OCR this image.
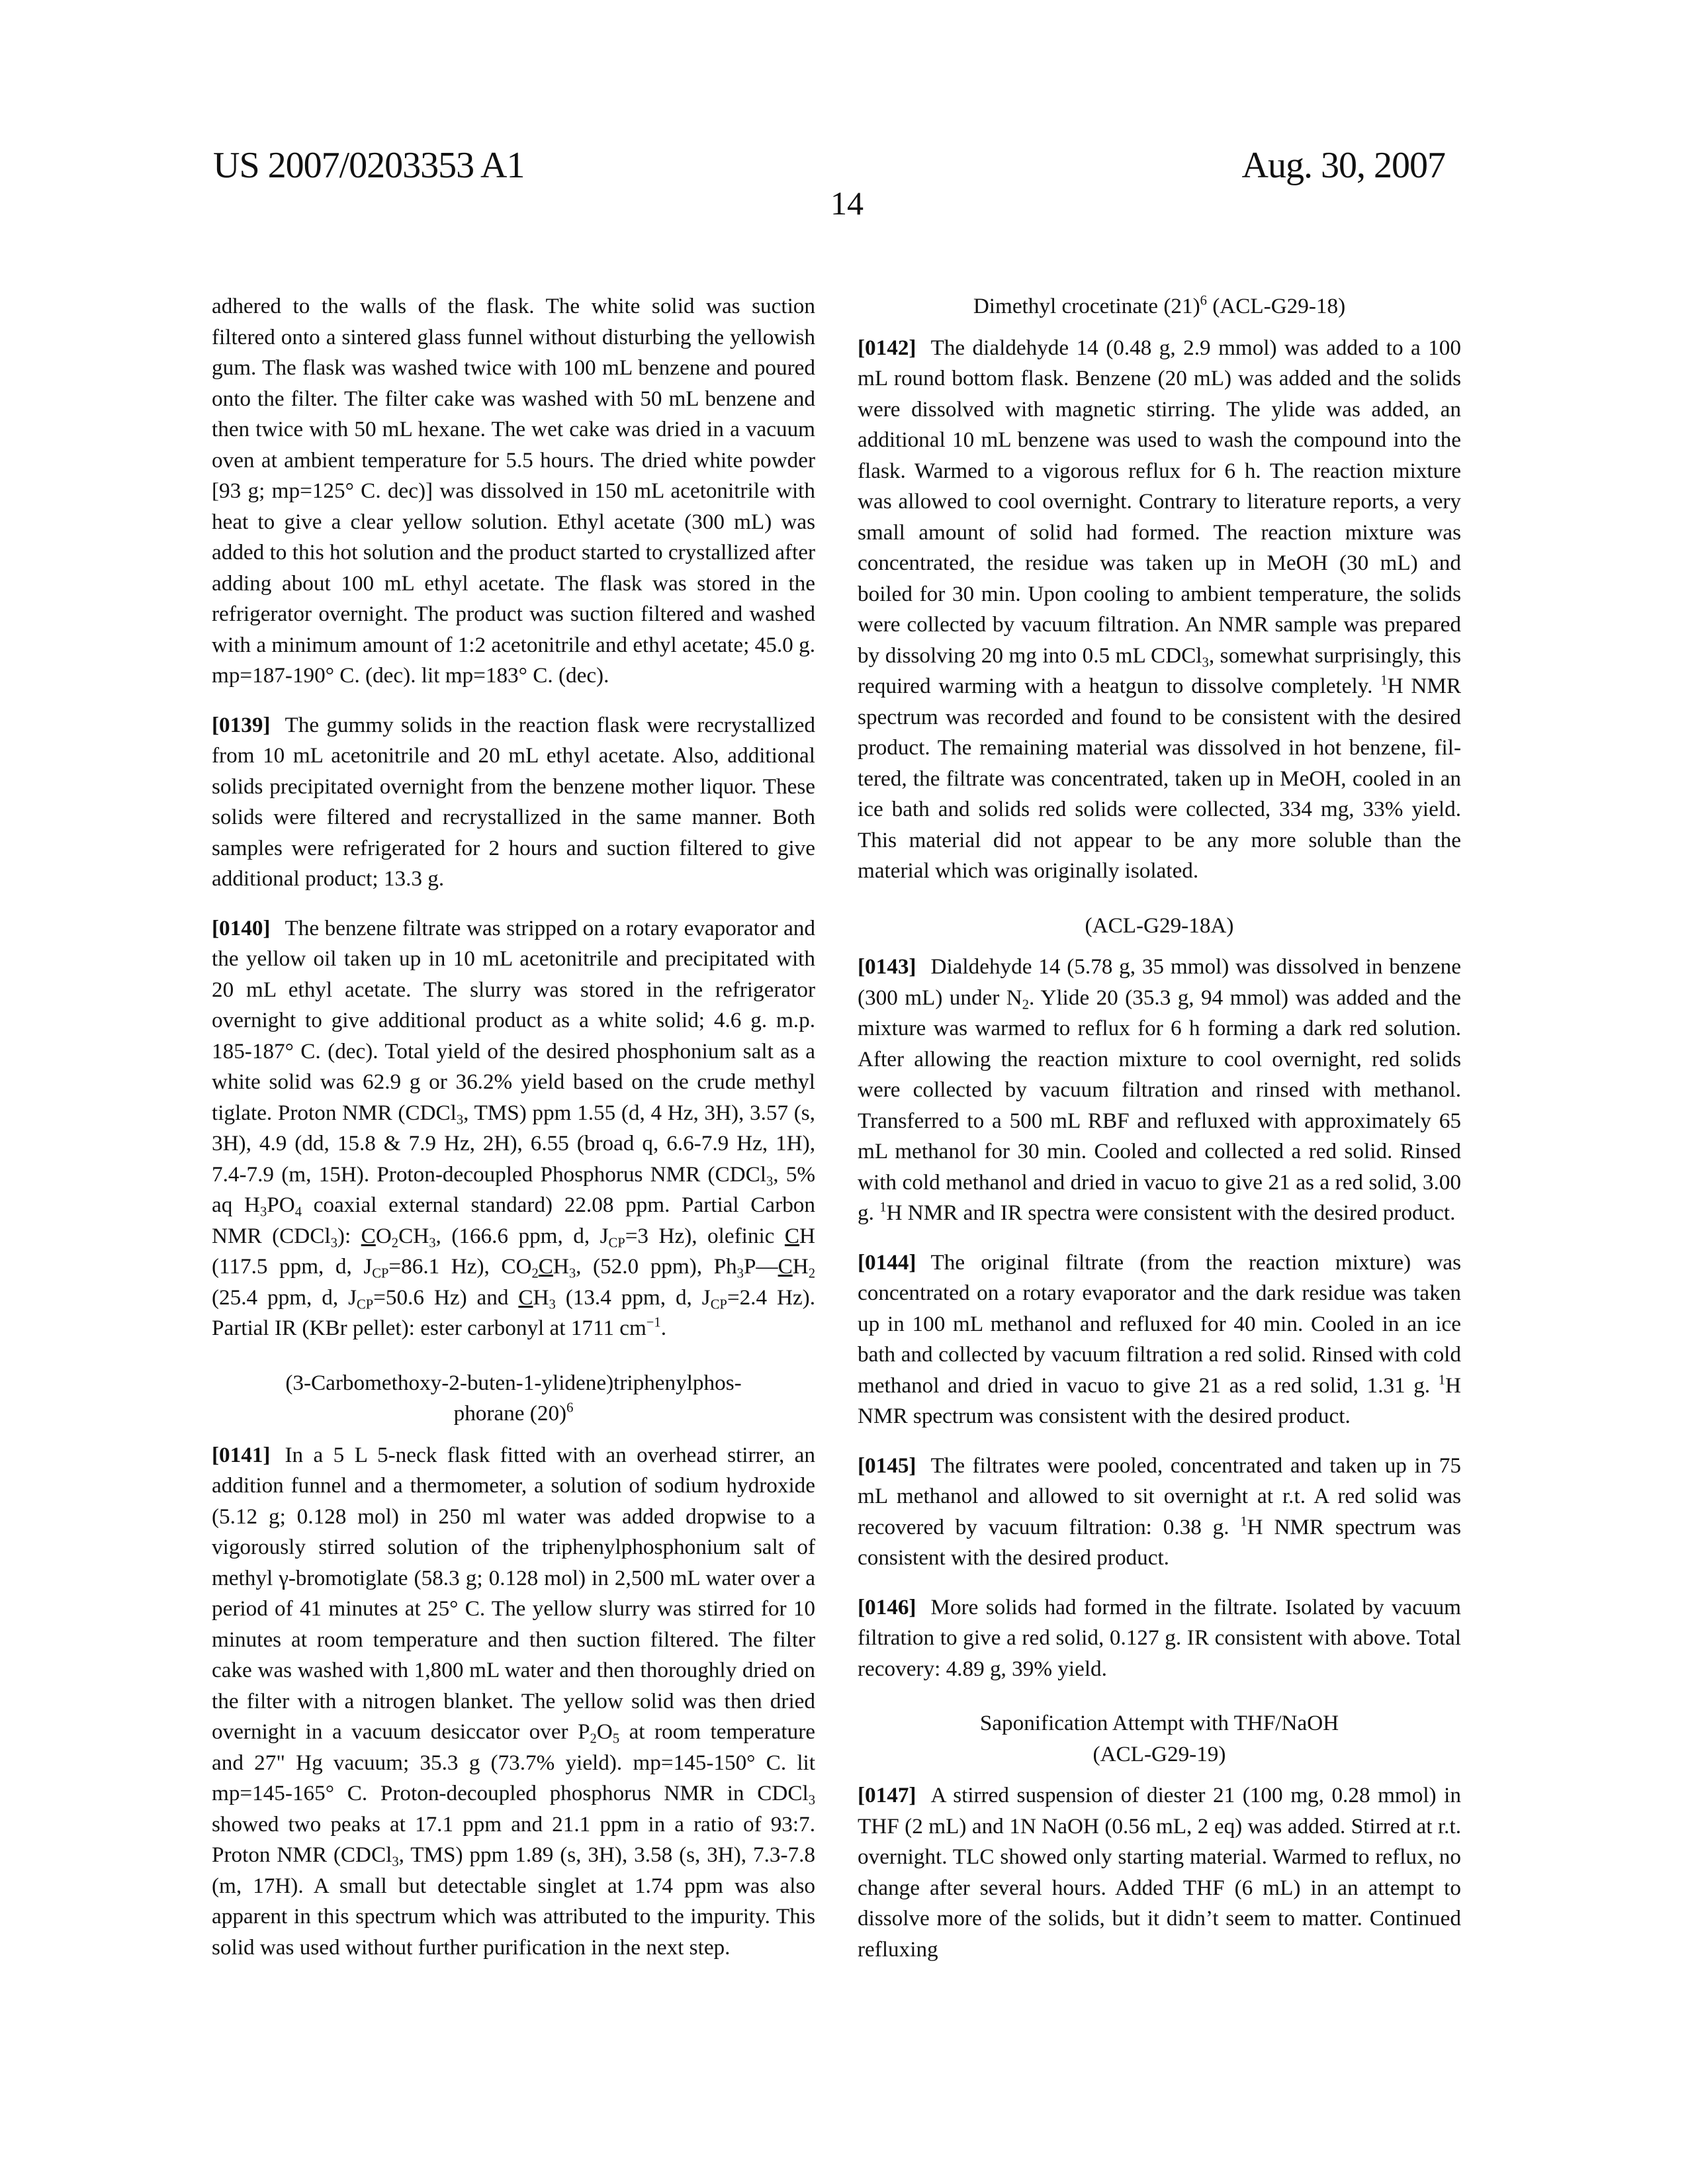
US 2007/0203353 A1	Aug. 30, 2007
14
adhered to the walls of the flask. The white solid was suction filtered onto a sintered glass funnel without disturbing the yellowish gum. The flask was washed twice with 100 mL benzene and poured onto the filter. The filter cake was washed with 50 mL benzene and then twice with 50 mL hexane. The wet cake was dried in a vacuum oven at ambient temperature for 5.5 hours. The dried white powder [93 g; mp=125° C. dec)] was dissolved in 150 mL acetonitrile with heat to give a clear yellow solution. Ethyl acetate (300 mL) was added to this hot solution and the product started to crystallized after adding about 100 mL ethyl acetate. The flask was stored in the refrigerator overnight. The product was suction filtered and washed with a minimum amount of 1:2 acetonitrile and ethyl acetate; 45.0 g. mp=187-190° C. (dec). lit mp=183° C. (dec).
[0139] The gummy solids in the reaction flask were recrystallized from 10 mL acetonitrile and 20 mL ethyl acetate. Also, additional solids precipitated overnight from the benzene mother liquor. These solids were filtered and recrystallized in the same manner. Both samples were refrigerated for 2 hours and suction filtered to give additional product; 13.3 g.
[0140] The benzene filtrate was stripped on a rotary evaporator and the yellow oil taken up in 10 mL acetonitrile and precipitated with 20 mL ethyl acetate. The slurry was stored in the refrigerator overnight to give additional product as a white solid; 4.6 g. m.p. 185-187° C. (dec). Total yield of the desired phosphonium salt as a white solid was 62.9 g or 36.2% yield based on the crude methyl tiglate. Proton NMR (CDCl$_3$, TMS) ppm 1.55 (d, 4 Hz, 3H), 3.57 (s, 3H), 4.9 (dd, 15.8 & 7.9 Hz, 2H), 6.55 (broad q, 6.6-7.9 Hz, 1H), 7.4-7.9 (m, 15H). Proton-decoupled Phosphorus NMR (CDCl$_3$, 5% aq $H_3PO_4$ coaxial external standard) 22.08 ppm. Partial Carbon NMR (CDCl$_3$): $CO_2CH_3$, (166.6 ppm, d, $J_{CP}=3$ Hz), olefinic CH (117.5 ppm, d, $J_{CP}=86.1$ Hz), $CO_2CH_3$, (52.0 ppm), $Ph_3P—CH_2$ (25.4 ppm, d, $J_{CP}=50.6$ Hz) and $CH_3$ (13.4 ppm, d, $J_{CP}=2.4$ Hz). Partial IR (KBr pellet): ester carbonyl at 1711 $cm^{-1}$.
(3-Carbomethoxy-2-buten-1-ylidene)triphenylphos-
phorane $(20)^6$
[0141] In a 5 L 5-neck flask fitted with an overhead stirrer, an addition funnel and a thermometer, a solution of sodium hydroxide (5.12 g; 0.128 mol) in 250 ml water was added dropwise to a vigorously stirred solution of the triphenylphosphonium salt of methyl γ-bromotiglate (58.3 g; 0.128 mol) in 2,500 mL water over a period of 41 minutes at 25° C. The yellow slurry was stirred for 10 minutes at room temperature and then suction filtered. The filter cake was washed with 1,800 mL water and then thoroughly dried on the filter with a nitrogen blanket. The yellow solid was then dried overnight in a vacuum desiccator over $P_2O_5$ at room temperature and 27" Hg vacuum; 35.3 g (73.7% yield). mp=145-150° C. lit mp=145-165° C. Proton-decoupled phosphorus NMR in CDCl$_3$ showed two peaks at 17.1 ppm and 21.1 ppm in a ratio of 93:7. Proton NMR (CDCl$_3$, TMS) ppm 1.89 (s, 3H), 3.58 (s, 3H), 7.3-7.8 (m, 17H). A small but detectable singlet at 1.74 ppm was also apparent in this spectrum which was attributed to the impurity. This solid was used without further purification in the next step.
Dimethyl crocetinate $(21)^6$ (ACL-G29-18)
[0142] The dialdehyde 14 (0.48 g, 2.9 mmol) was added to a 100 mL round bottom flask. Benzene (20 mL) was added and the solids were dissolved with magnetic stirring. The ylide was added, an additional 10 mL benzene was used to wash the compound into the flask. Warmed to a vigorous reflux for 6 h. The reaction mixture was allowed to cool overnight. Contrary to literature reports, a very small amount of solid had formed. The reaction mixture was concentrated, the residue was taken up in MeOH (30 mL) and boiled for 30 min. Upon cooling to ambient temperature, the solids were collected by vacuum filtration. An NMR sample was prepared by dissolving 20 mg into 0.5 mL CDCl$_3$, somewhat surprisingly, this required warming with a heatgun to dissolve completely. $^1$H NMR spectrum was recorded and found to be consistent with the desired product. The remaining material was dissolved in hot benzene, filtered, the filtrate was concentrated, taken up in MeOH, cooled in an ice bath and solids red solids were collected, 334 mg, 33% yield. This material did not appear to be any more soluble than the material which was originally isolated.
(ACL-G29-18A)
[0143] Dialdehyde 14 (5.78 g, 35 mmol) was dissolved in benzene (300 mL) under $N_2$. Ylide 20 (35.3 g, 94 mmol) was added and the mixture was warmed to reflux for 6 h forming a dark red solution. After allowing the reaction mixture to cool overnight, red solids were collected by vacuum filtration and rinsed with methanol. Transferred to a 500 mL RBF and refluxed with approximately 65 mL methanol for 30 min. Cooled and collected a red solid. Rinsed with cold methanol and dried in vacuo to give 21 as a red solid, 3.00 g. $^1$H NMR and IR spectra were consistent with the desired product.
[0144] The original filtrate (from the reaction mixture) was concentrated on a rotary evaporator and the dark residue was taken up in 100 mL methanol and refluxed for 40 min. Cooled in an ice bath and collected by vacuum filtration a red solid. Rinsed with cold methanol and dried in vacuo to give 21 as a red solid, 1.31 g. $^1$H NMR spectrum was consistent with the desired product.
[0145] The filtrates were pooled, concentrated and taken up in 75 mL methanol and allowed to sit overnight at r.t. A red solid was recovered by vacuum filtration: 0.38 g. $^1$H NMR spectrum was consistent with the desired product.
[0146] More solids had formed in the filtrate. Isolated by vacuum filtration to give a red solid, 0.127 g. IR consistent with above. Total recovery: 4.89 g, 39% yield.
Saponification Attempt with THF/NaOH
(ACL-G29-19)
[0147] A stirred suspension of diester 21 (100 mg, 0.28 mmol) in THF (2 mL) and 1N NaOH (0.56 mL, 2 eq) was added. Stirred at r.t. overnight. TLC showed only starting material. Warmed to reflux, no change after several hours. Added THF (6 mL) in an attempt to dissolve more of the solids, but it didn’t seem to matter. Continued refluxing
